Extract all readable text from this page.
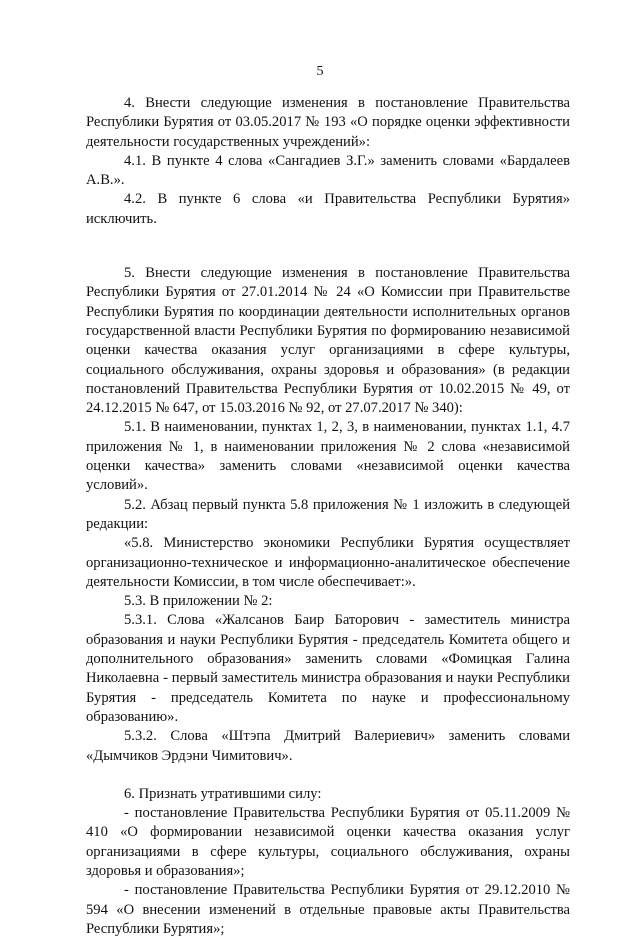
5

4. Внести следующие изменения в постановление Правительства Республики Бурятия от 03.05.2017 № 193 «О порядке оценки эффективности деятельности государственных учреждений»:

4.1. В пункте 4 слова «Сангадиев З.Г.» заменить словами «Бардалеев А.В.».

4.2. В пункте 6 слова «и Правительства Республики Бурятия» исключить.

5. Внести следующие изменения в постановление Правительства Республики Бурятия от 27.01.2014 № 24 «О Комиссии при Правительстве Республики Бурятия по координации деятельности исполнительных органов государственной власти Республики Бурятия по формированию независимой оценки качества оказания услуг организациями в сфере культуры, социального обслуживания, охраны здоровья и образования» (в редакции постановлений Правительства Республики Бурятия от 10.02.2015 № 49, от 24.12.2015 № 647, от 15.03.2016 № 92, от 27.07.2017 № 340):

5.1. В наименовании, пунктах 1, 2, 3, в наименовании, пунктах 1.1, 4.7 приложения № 1, в наименовании приложения № 2 слова «независимой оценки качества» заменить словами «независимой оценки качества условий».

5.2. Абзац первый пункта 5.8 приложения № 1 изложить в следующей редакции:

«5.8. Министерство экономики Республики Бурятия осуществляет организационно-техническое и информационно-аналитическое обеспечение деятельности Комиссии, в том числе обеспечивает:».

5.3. В приложении № 2:

5.3.1. Слова «Жалсанов Баир Баторович - заместитель министра образования и науки Республики Бурятия - председатель Комитета общего и дополнительного образования» заменить словами «Фомицкая Галина Николаевна - первый заместитель министра образования и науки Республики Бурятия - председатель Комитета по науке и профессиональному образованию».

5.3.2. Слова «Штэпа Дмитрий Валериевич» заменить словами «Дымчиков Эрдэни Чимитович».

6. Признать утратившими силу:

- постановление Правительства Республики Бурятия от 05.11.2009 № 410 «О формировании независимой оценки качества оказания услуг организациями в сфере культуры, социального обслуживания, охраны здоровья и образования»;

- постановление Правительства Республики Бурятия от 29.12.2010 № 594 «О внесении изменений в отдельные правовые акты Правительства Республики Бурятия»;
